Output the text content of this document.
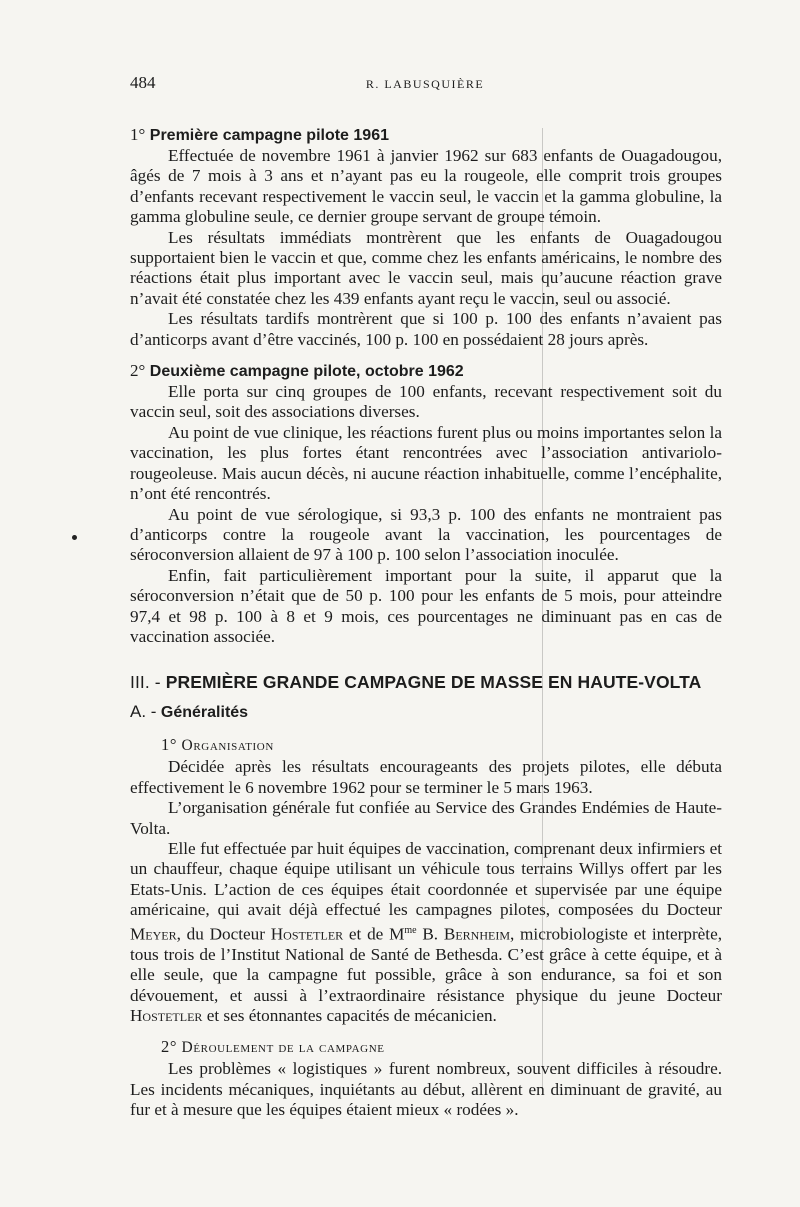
484	R. LABUSQUIÈRE
1° Première campagne pilote 1961

Effectuée de novembre 1961 à janvier 1962 sur 683 enfants de Ouagadougou, âgés de 7 mois à 3 ans et n’ayant pas eu la rougeole, elle comprit trois groupes d’enfants recevant respectivement le vaccin seul, le vaccin et la gamma globuline, la gamma globuline seule, ce dernier groupe servant de groupe témoin.

Les résultats immédiats montrèrent que les enfants de Ouagadougou supportaient bien le vaccin et que, comme chez les enfants américains, le nombre des réactions était plus important avec le vaccin seul, mais qu’aucune réaction grave n’avait été constatée chez les 439 enfants ayant reçu le vaccin, seul ou associé.

Les résultats tardifs montrèrent que si 100 p. 100 des enfants n’avaient pas d’anticorps avant d’être vaccinés, 100 p. 100 en possédaient 28 jours après.

2° Deuxième campagne pilote, octobre 1962

Elle porta sur cinq groupes de 100 enfants, recevant respectivement soit du vaccin seul, soit des associations diverses.

Au point de vue clinique, les réactions furent plus ou moins importantes selon la vaccination, les plus fortes étant rencontrées avec l’association antivariolo-rougeoleuse. Mais aucun décès, ni aucune réaction inhabituelle, comme l’encéphalite, n’ont été rencontrés.

Au point de vue sérologique, si 93,3 p. 100 des enfants ne montraient pas d’anticorps contre la rougeole avant la vaccination, les pourcentages de séroconversion allaient de 97 à 100 p. 100 selon l’association inoculée.

Enfin, fait particulièrement important pour la suite, il apparut que la séroconversion n’était que de 50 p. 100 pour les enfants de 5 mois, pour atteindre 97,4 et 98 p. 100 à 8 et 9 mois, ces pourcentages ne diminuant pas en cas de vaccination associée.

III. - PREMIÈRE GRANDE CAMPAGNE DE MASSE EN HAUTE-VOLTA
A. - Généralités
1° Organisation

Décidée après les résultats encourageants des projets pilotes, elle débuta effectivement le 6 novembre 1962 pour se terminer le 5 mars 1963.

L’organisation générale fut confiée au Service des Grandes Endémies de Haute-Volta.

Elle fut effectuée par huit équipes de vaccination, comprenant deux infirmiers et un chauffeur, chaque équipe utilisant un véhicule tous terrains Willys offert par les Etats-Unis. L’action de ces équipes était coordonnée et supervisée par une équipe américaine, qui avait déjà effectué les campagnes pilotes, composées du Docteur Meyer, du Docteur Hostetler et de $M^{me}$ B. Bernheim, microbiologiste et interprète, tous trois de l’Institut National de Santé de Bethesda. C’est grâce à cette équipe, et à elle seule, que la campagne fut possible, grâce à son endurance, sa foi et son dévouement, et aussi à l’extraordinaire résistance physique du jeune Docteur Hostetler et ses étonnantes capacités de mécanicien.

2° Déroulement de la campagne

Les problèmes « logistiques » furent nombreux, souvent difficiles à résoudre. Les incidents mécaniques, inquiétants au début, allèrent en diminuant de gravité, au fur et à mesure que les équipes étaient mieux « rodées ».
